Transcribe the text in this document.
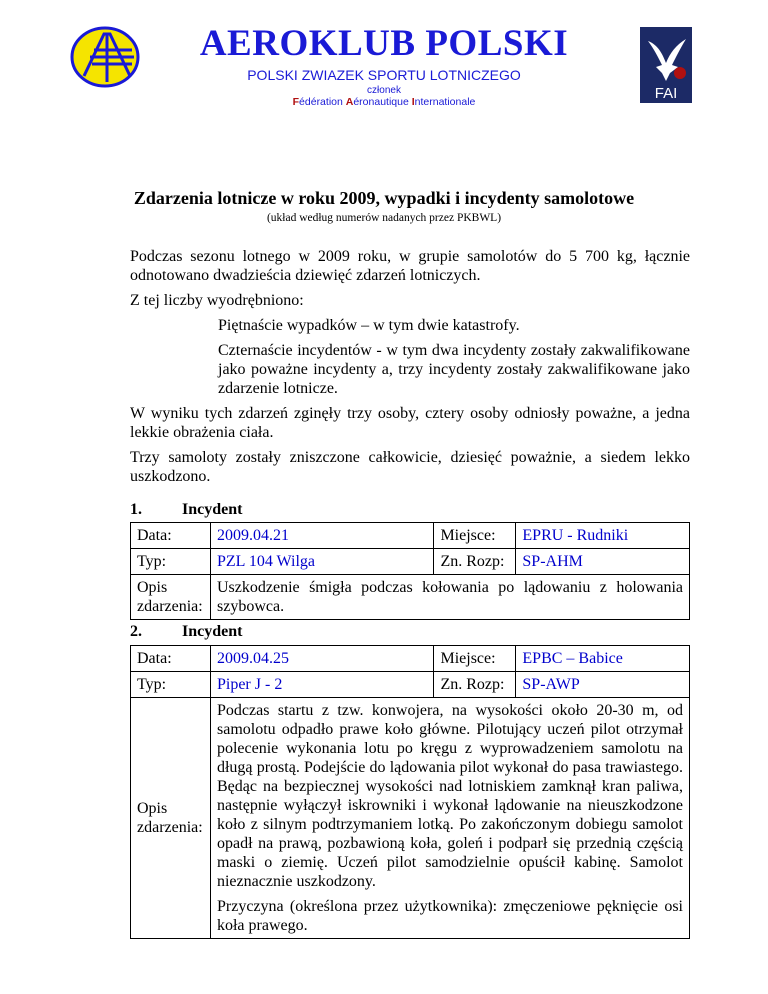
AEROKLUB POLSKI
POLSKI ZWIAZEK SPORTU LOTNICZEGO
członek
Fédération Aéronautique Internationale	FAI
Zdarzenia lotnicze w roku 2009, wypadki i incydenty samolotowe
(układ według numerów nadanych przez PKBWL)
Podczas sezonu lotnego w 2009 roku, w grupie samolotów do 5 700 kg, łącznie odnotowano dwadzieścia dziewięć zdarzeń lotniczych.
Z tej liczby wyodrębniono:
Piętnaście wypadków – w tym dwie katastrofy.
Czternaście incydentów - w tym dwa incydenty zostały zakwalifikowane jako poważne incydenty a, trzy incydenty zostały zakwalifikowane jako zdarzenie lotnicze.
W wyniku tych zdarzeń zginęły trzy osoby, cztery osoby odniosły poważne, a jedna lekkie obrażenia ciała.
Trzy samoloty zostały zniszczone całkowicie, dziesięć poważnie, a siedem lekko uszkodzono.
1.	Incydent
Data:	2009.04.21	Miejsce:	EPRU - Rudniki
Typ:	PZL 104 Wilga	Zn. Rozp:	SP-AHM
Opis zdarzenia:	Uszkodzenie śmigła podczas kołowania po lądowaniu z holowania szybowca.		
2.	Incydent
Data:	2009.04.25	Miejsce:	EPBC – Babice
Typ:	Piper J - 2	Zn. Rozp:	SP-AWP
Opis zdarzenia:	Podczas startu z tzw. konwojera, na wysokości około 20-30 m, od samolotu odpadło prawe koło główne. Pilotujący uczeń pilot otrzymał polecenie wykonania lotu po kręgu z wyprowadzeniem samolotu na długą prostą. Podejście do lądowania pilot wykonał do pasa trawiastego. Będąc na bezpiecznej wysokości nad lotniskiem zamknął kran paliwa, następnie wyłączył iskrowniki i wykonał lądowanie na nieuszkodzone koło z silnym podtrzymaniem lotką. Po zakończonym dobiegu samolot opadł na prawą, pozbawioną koła, goleń i podparł się przednią częścią maski o ziemię. Uczeń pilot samodzielnie opuścił kabinę. Samolot nieznacznie uszkodzony.

Przyczyna (określona przez użytkownika): zmęczeniowe pęknięcie osi koła prawego.		
